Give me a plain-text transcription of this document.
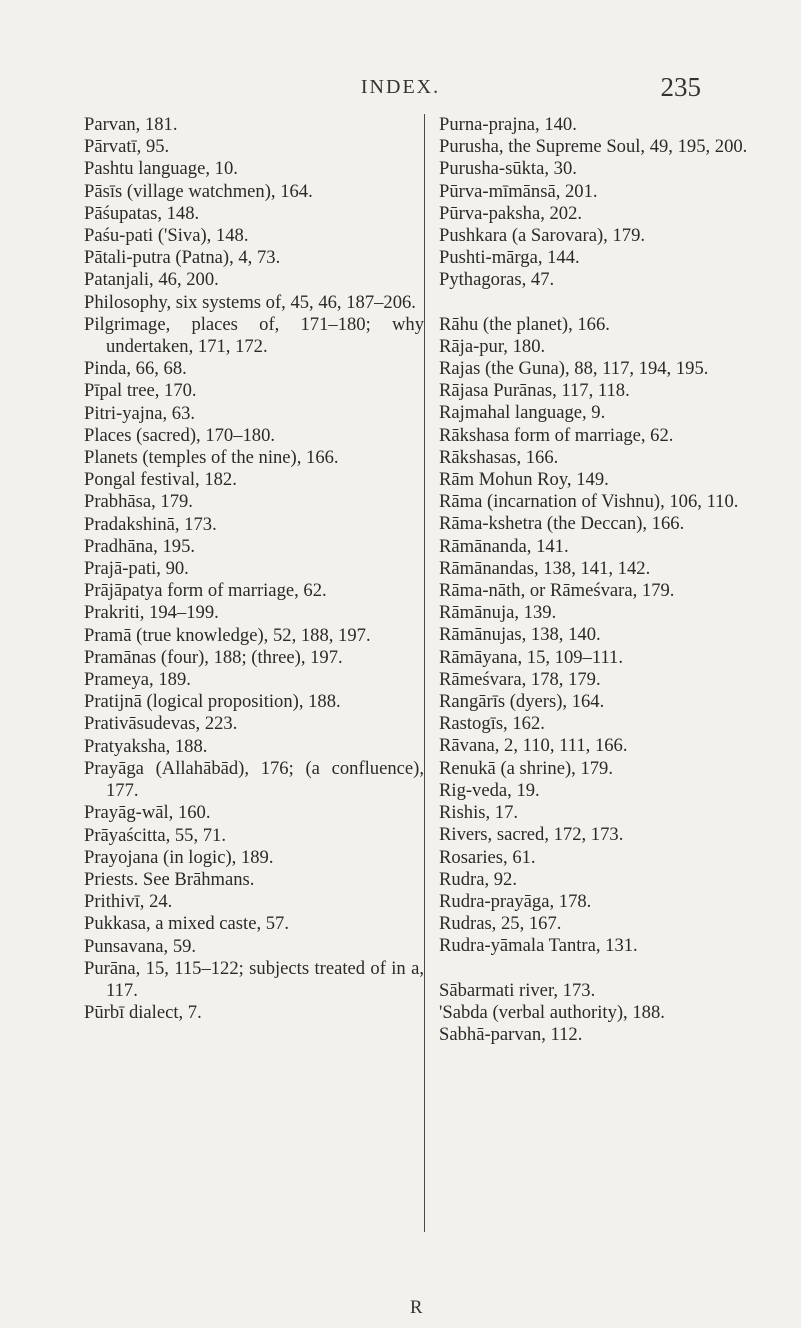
INDEX.	235

Parvan, 181.

Pārvatī, 95.

Pashtu language, 10.

Pāsīs (village watchmen), 164.

Pāśupatas, 148.

Paśu-pati ('Siva), 148.

Pātali-putra (Patna), 4, 73.

Patanjali, 46, 200.

Philosophy, six systems of, 45, 46, 187–206.

Pilgrimage, places of, 171–180; why undertaken, 171, 172.

Pinda, 66, 68.

Pīpal tree, 170.

Pitri-yajna, 63.

Places (sacred), 170–180.

Planets (temples of the nine), 166.

Pongal festival, 182.

Prabhāsa, 179.

Pradakshinā, 173.

Pradhāna, 195.

Prajā-pati, 90.

Prājāpatya form of marriage, 62.

Prakriti, 194–199.

Pramā (true knowledge), 52, 188, 197.

Pramānas (four), 188; (three), 197.

Prameya, 189.

Pratijnā (logical proposition), 188.

Prativāsudevas, 223.

Pratyaksha, 188.

Prayāga (Allahābād), 176; (a confluence), 177.

Prayāg-wāl, 160.

Prāyaścitta, 55, 71.

Prayojana (in logic), 189.

Priests. See Brāhmans.

Prithivī, 24.

Pukkasa, a mixed caste, 57.

Punsavana, 59.

Purāna, 15, 115–122; subjects treated of in a, 117.

Pūrbī dialect, 7.

Purna-prajna, 140.

Purusha, the Supreme Soul, 49, 195, 200.

Purusha-sūkta, 30.

Pūrva-mīmānsā, 201.

Pūrva-paksha, 202.

Pushkara (a Sarovara), 179.

Pushti-mārga, 144.

Pythagoras, 47.

Rāhu (the planet), 166.

Rāja-pur, 180.

Rajas (the Guna), 88, 117, 194, 195.

Rājasa Purānas, 117, 118.

Rajmahal language, 9.

Rākshasa form of marriage, 62.

Rākshasas, 166.

Rām Mohun Roy, 149.

Rāma (incarnation of Vishnu), 106, 110.

Rāma-kshetra (the Deccan), 166.

Rāmānanda, 141.

Rāmānandas, 138, 141, 142.

Rāma-nāth, or Rāmeśvara, 179.

Rāmānuja, 139.

Rāmānujas, 138, 140.

Rāmāyana, 15, 109–111.

Rāmeśvara, 178, 179.

Rangārīs (dyers), 164.

Rastogīs, 162.

Rāvana, 2, 110, 111, 166.

Renukā (a shrine), 179.

Rig-veda, 19.

Rishis, 17.

Rivers, sacred, 172, 173.

Rosaries, 61.

Rudra, 92.

Rudra-prayāga, 178.

Rudras, 25, 167.

Rudra-yāmala Tantra, 131.

Sābarmati river, 173.

'Sabda (verbal authority), 188.

Sabhā-parvan, 112.

R
